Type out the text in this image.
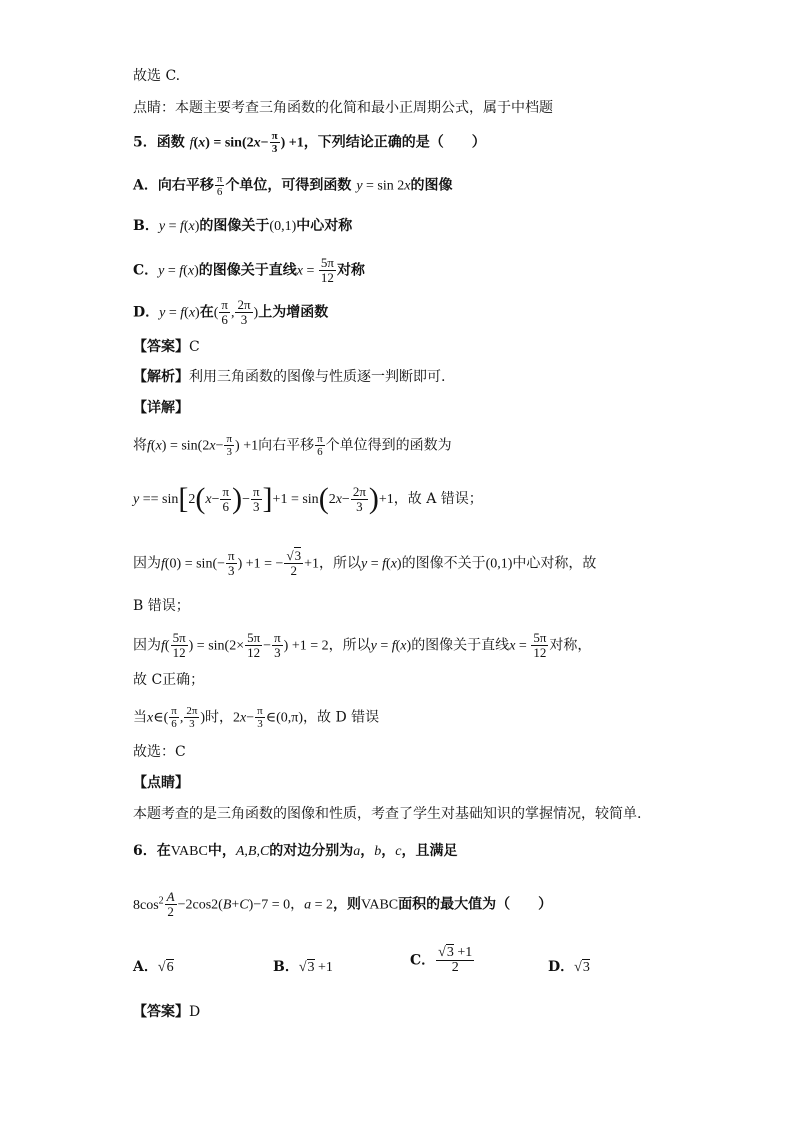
故选 C.
点睛：本题主要考查三角函数的化简和最小正周期公式，属于中档题
5．函数 $f(x) = \sin(2x- \frac{\pi}{3}$ ) +1，下列结论正确的是（　　）
A．向右平移 $\frac{\pi}{6}$ 个单位，可得到函数 y = sin 2x的图像
B．y = f(x)的图像关于(0,1)中心对称
C．y = f(x)的图像关于直线$x = \frac{5\pi}{12}$ 对称
D．y = f(x)在( $\frac{\pi}{6}$ , $\frac{2\pi}{3}$ )上为增函数
【答案】C
【解析】利用三角函数的图像与性质逐一判断即可.
【详解】
将$f(x) = \sin(2x- \frac{\pi}{3}$ ) +1向右平移 $\frac{\pi}{6}$ 个单位得到的函数为
$y == \sin[2(x- \frac{\pi}{6}$ )− $\frac{\pi}{3} ]+1 = \sin(2x- \frac{2\pi}{3} )+1$，故 A 错误；
因为$f(0) = \sin(- \frac{\pi}{3}$ ) +1 = − $\frac{√3}{2} +1$，所以y = f(x)的图像不关于(0,1)中心对称，故
B 错误；
因为$f( \frac{5\pi}{12}$ ) = $\sin(2\times \frac{5\pi}{12} - \frac{\pi}{3}$ ) +1 = 2，所以y = f(x)的图像关于直线$x = \frac{5\pi}{12}$ 对称，
故 C正确；
当x∈( $\frac{\pi}{6}$ , $\frac{2\pi}{3}$ )时，$2x- \frac{\pi}{3}$ ∈(0,π)，故 D 错误
故选：C
【点睛】
本题考查的是三角函数的图像和性质，考查了学生对基础知识的掌握情况，较简单.
6．在VABC中，A,B,C的对边分别为a，b，c，且满足
$8\cos^2 \frac{A}{2} -2\cos 2(B+C)-7 = 0$，a = 2，则VABC面积的最大值为（　　）
A．√6	B．√3 +1	C． $\frac{√3 +1}{2}$	D．√3
【答案】D
